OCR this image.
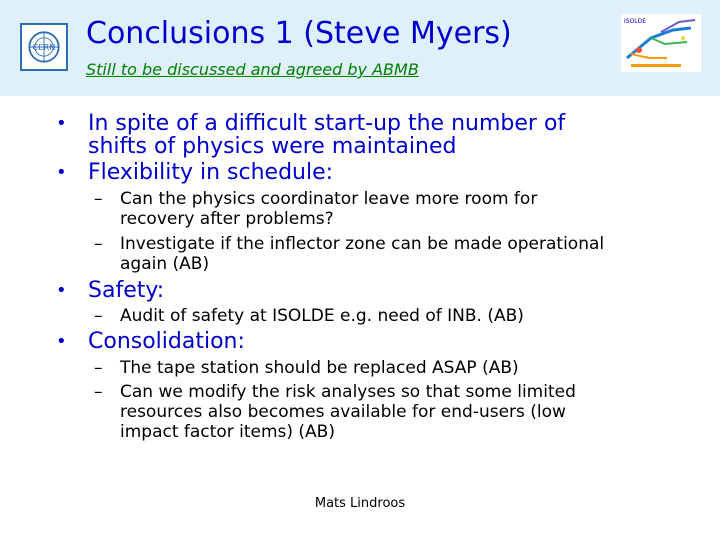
CERN Conclusions 1 (Steve Myers)
Still to be discussed and agreed by ABMB
ISOLDE
• In spite of a difficult start-up the number of
shifts of physics were maintained
• Flexibility in schedule:
– Can the physics coordinator leave more room for
recovery after problems?
– Investigate if the inflector zone can be made operational
again (AB)
• Safety:
– Audit of safety at ISOLDE e.g. need of INB. (AB)
• Consolidation:
– The tape station should be replaced ASAP (AB)
– Can we modify the risk analyses so that some limited
resources also becomes available for end-users (low
impact factor items) (AB)
Mats Lindroos
